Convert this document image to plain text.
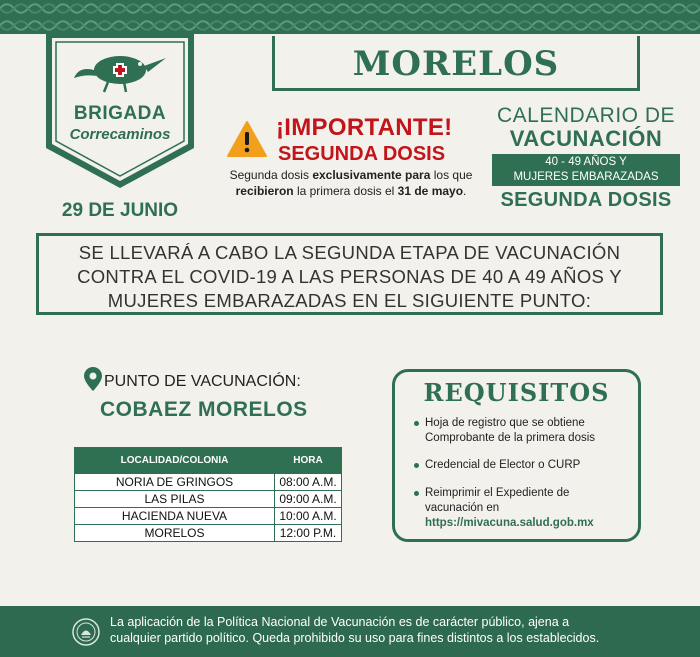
BRIGADA
Correcaminos
29 DE JUNIO
MORELOS
¡IMPORTANTE!
SEGUNDA DOSIS
Segunda dosis exclusivamente para los que
recibieron la primera dosis el 31 de mayo.
CALENDARIO DE
VACUNACIÓN
40 - 49 AÑOS Y
MUJERES EMBARAZADAS
SEGUNDA DOSIS
SE LLEVARÁ A CABO LA SEGUNDA ETAPA DE VACUNACIÓN
CONTRA EL COVID-19 A LAS PERSONAS DE 40 A 49 AÑOS Y
MUJERES EMBARAZADAS EN EL SIGUIENTE PUNTO:
PUNTO DE VACUNACIÓN:
COBAEZ MORELOS
LOCALIDAD/COLONIA	HORA
NORIA DE GRINGOS	08:00 A.M.
LAS PILAS	09:00 A.M.
HACIENDA NUEVA	10:00 A.M.
MORELOS	12:00 P.M.
REQUISITOS
Hoja de registro que se obtiene
Comprobante de la primera dosis
Credencial de Elector o CURP
Reimprimir el Expediente de
vacunación en
https://mivacuna.salud.gob.mx
La aplicación de la Política Nacional de Vacunación es de carácter público, ajena a
cualquier partido político. Queda prohibido su uso para fines distintos a los establecidos.
